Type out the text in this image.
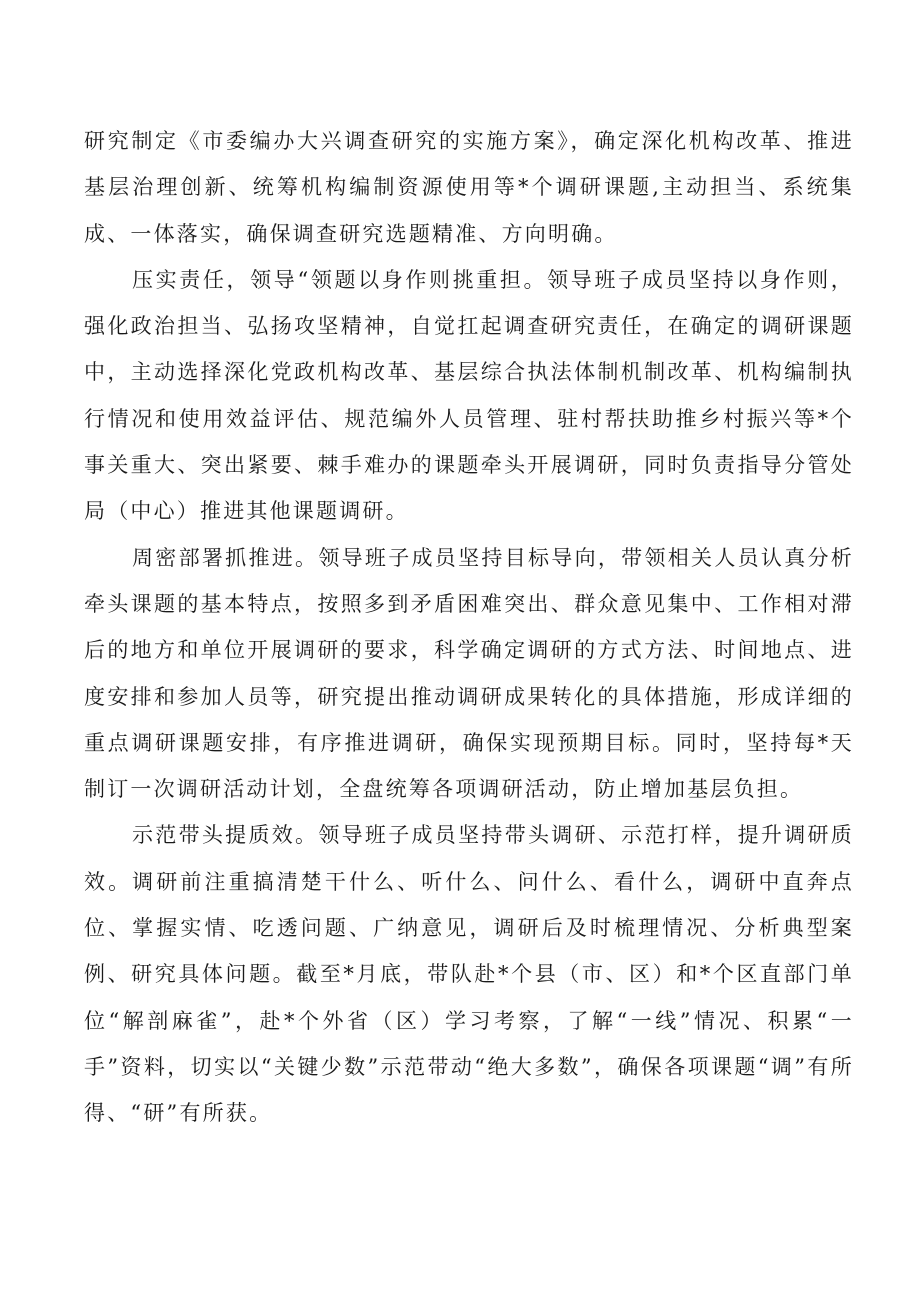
研究制定《市委编办大兴调查研究的实施方案》，确定深化机构改革、推进基层治理创新、统筹机构编制资源使用等*个调研课题,主动担当、系统集成、一体落实，确保调查研究选题精准、方向明确。

压实责任，领导“领题以身作则挑重担。领导班子成员坚持以身作则，强化政治担当、弘扬攻坚精神，自觉扛起调查研究责任，在确定的调研课题中，主动选择深化党政机构改革、基层综合执法体制机制改革、机构编制执行情况和使用效益评估、规范编外人员管理、驻村帮扶助推乡村振兴等*个事关重大、突出紧要、棘手难办的课题牵头开展调研，同时负责指导分管处局（中心）推进其他课题调研。

周密部署抓推进。领导班子成员坚持目标导向，带领相关人员认真分析牵头课题的基本特点，按照多到矛盾困难突出、群众意见集中、工作相对滞后的地方和单位开展调研的要求，科学确定调研的方式方法、时间地点、进度安排和参加人员等，研究提出推动调研成果转化的具体措施，形成详细的重点调研课题安排，有序推进调研，确保实现预期目标。同时，坚持每*天制订一次调研活动计划，全盘统筹各项调研活动，防止增加基层负担。

示范带头提质效。领导班子成员坚持带头调研、示范打样，提升调研质效。调研前注重搞清楚干什么、听什么、问什么、看什么，调研中直奔点位、掌握实情、吃透问题、广纳意见，调研后及时梳理情况、分析典型案例、研究具体问题。截至*月底，带队赴*个县（市、区）和*个区直部门单位“解剖麻雀”，赴*个外省（区）学习考察，了解“一线”情况、积累“一手”资料，切实以“关键少数”示范带动“绝大多数”，确保各项课题“调”有所得、“研”有所获。
